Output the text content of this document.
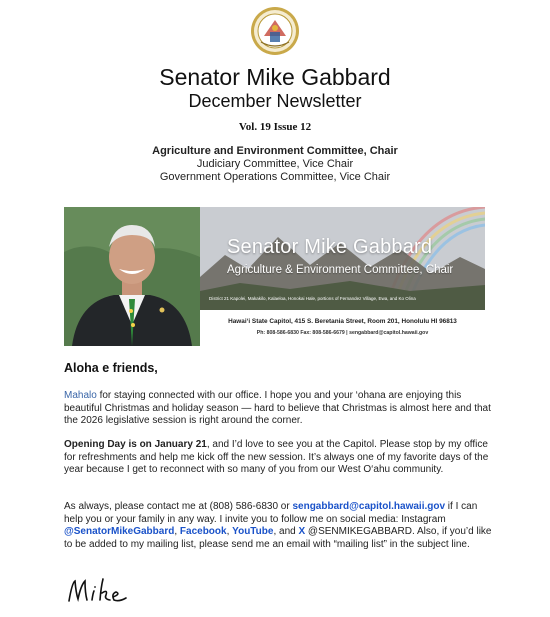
Senator Mike Gabbard
December Newsletter
Vol. 19 Issue 12
Agriculture and Environment Committee, Chair
Judiciary Committee, Vice Chair
Government Operations Committee, Vice Chair
Senator Mike Gabbard
Agriculture & Environment Committee, Chair
District 21 Kapolei, Makakilo, Kalaeloa, Honokai Hale, portions of Fernandez Village, Ewa, and Ko Olina
Hawai‘i State Capitol, 415 S. Beretania Street, Room 201, Honolulu HI 96813
Ph: 808-586-6830 Fax: 808-586-6679 | sengabbard@capitol.hawaii.gov
Aloha e friends,
Mahalo for staying connected with our office. I hope you and your ‘ohana are enjoying this beautiful Christmas and holiday season — hard to believe that Christmas is almost here and that the 2026 legislative session is right around the corner.
Opening Day is on January 21, and I’d love to see you at the Capitol. Please stop by my office for refreshments and help me kick off the new session. It’s always one of my favorite days of the year because I get to reconnect with so many of you from our West O‘ahu community.
As always, please contact me at (808) 586-6830 or sengabbard@capitol.hawaii.gov if I can help you or your family in any way. I invite you to follow me on social media: Instagram @SenatorMikeGabbard, Facebook, YouTube, and X @SENMIKEGABBARD. Also, if you’d like to be added to my mailing list, please send me an email with “mailing list” in the subject line.
